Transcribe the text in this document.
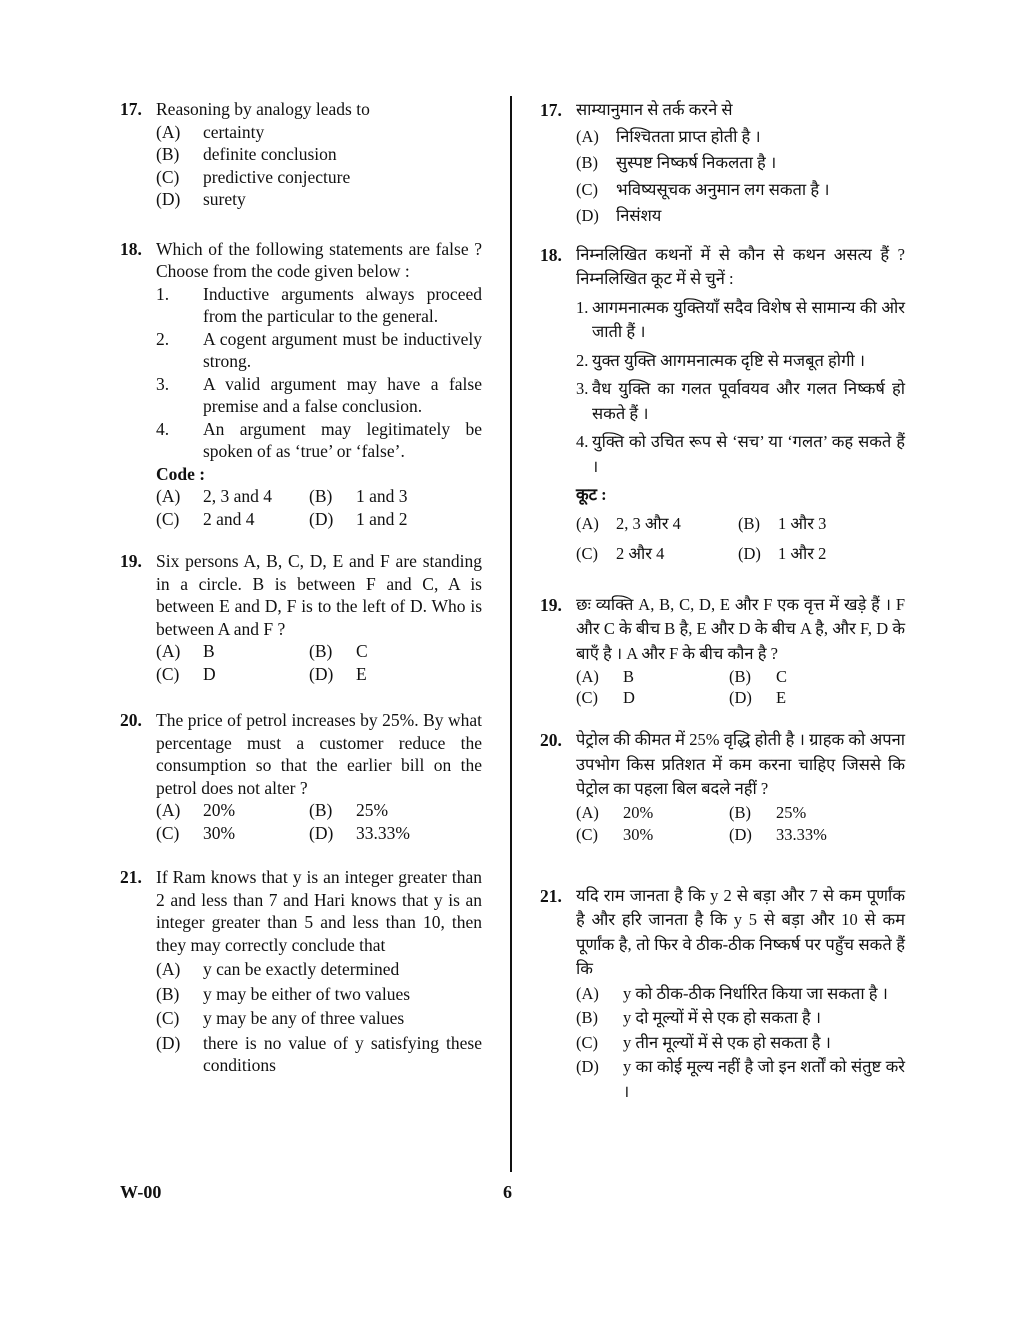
17. Reasoning by analogy leads to
(A) certainty
(B) definite conclusion
(C) predictive conjecture
(D) surety
18. Which of the following statements are false ? Choose from the code given below :
1. Inductive arguments always proceed from the particular to the general.
2. A cogent argument must be inductively strong.
3. A valid argument may have a false premise and a false conclusion.
4. An argument may legitimately be spoken of as ‘true’ or ‘false’.
Code :
(A) 2, 3 and 4	(B) 1 and 3
(C) 2 and 4	(D) 1 and 2
19. Six persons A, B, C, D, E and F are standing in a circle. B is between F and C, A is between E and D, F is to the left of D. Who is between A and F ?
(A) B	(B) C
(C) D	(D) E
20. The price of petrol increases by 25%. By what percentage must a customer reduce the consumption so that the earlier bill on the petrol does not alter ?
(A) 20%	(B) 25%
(C) 30%	(D) 33.33%
21. If Ram knows that y is an integer greater than 2 and less than 7 and Hari knows that y is an integer greater than 5 and less than 10, then they may correctly conclude that
(A) y can be exactly determined
(B) y may be either of two values
(C) y may be any of three values
(D) there is no value of y satisfying these conditions
17. साम्यानुमान से तर्क करने से
(A) निश्चितता प्राप्त होती है ।
(B) सुस्पष्ट निष्कर्ष निकलता है ।
(C) भविष्यसूचक अनुमान लग सकता है ।
(D) निसंशय
18. निम्नलिखित कथनों में से कौन से कथन असत्य हैं ? निम्नलिखित कूट में से चुनें :
1. आगमनात्मक युक्तियाँ सदैव विशेष से सामान्य की ओर जाती हैं ।
2. युक्त युक्ति आगमनात्मक दृष्टि से मजबूत होगी ।
3. वैध युक्ति का गलत पूर्वावयव और गलत निष्कर्ष हो सकते हैं ।
4. युक्ति को उचित रूप से ‘सच’ या ‘गलत’ कह सकते हैं ।
कूट :
(A) 2, 3 और 4	(B) 1 और 3
(C) 2 और 4	(D) 1 और 2
19. छः व्यक्ति A, B, C, D, E और F एक वृत्त में खड़े हैं । F और C के बीच B है, E और D के बीच A है, और F, D के बाएँ है । A और F के बीच कौन है ?
(A) B	(B) C
(C) D	(D) E
20. पेट्रोल की कीमत में 25% वृद्धि होती है । ग्राहक को अपना उपभोग किस प्रतिशत में कम करना चाहिए जिससे कि पेट्रोल का पहला बिल बदले नहीं ?
(A) 20%	(B) 25%
(C) 30%	(D) 33.33%
21. यदि राम जानता है कि y 2 से बड़ा और 7 से कम पूर्णांक है और हरि जानता है कि y 5 से बड़ा और 10 से कम पूर्णांक है, तो फिर वे ठीक-ठीक निष्कर्ष पर पहुँच सकते हैं कि
(A) y को ठीक-ठीक निर्धारित किया जा सकता है ।
(B) y दो मूल्यों में से एक हो सकता है ।
(C) y तीन मूल्यों में से एक हो सकता है ।
(D) y का कोई मूल्य नहीं है जो इन शर्तों को संतुष्ट करे ।
W-00	6
